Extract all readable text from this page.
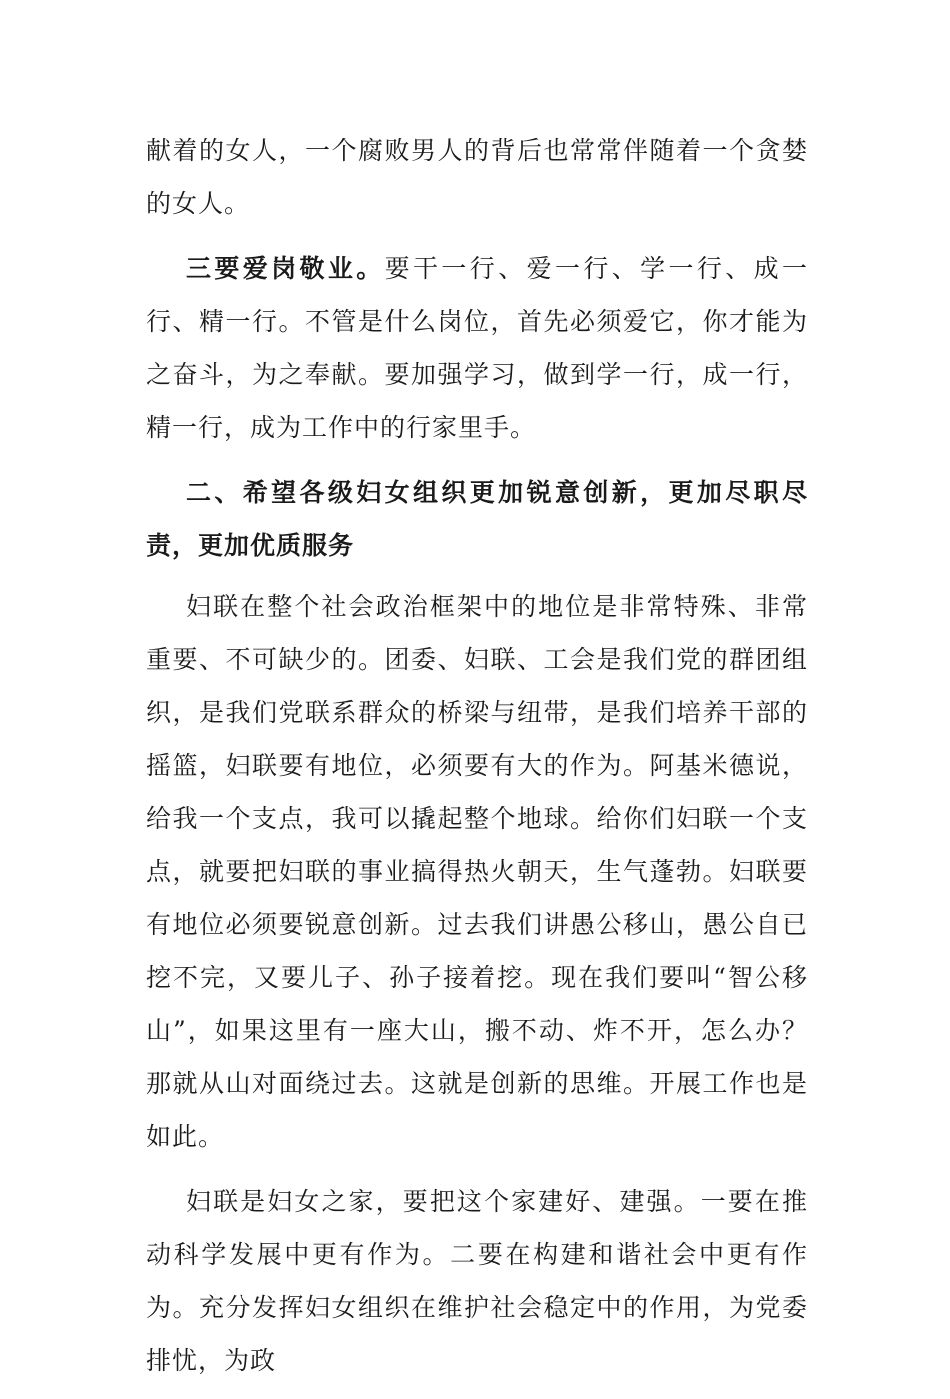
献着的女人，一个腐败男人的背后也常常伴随着一个贪婪的女人。

三要爱岗敬业。要干一行、爱一行、学一行、成一行、精一行。不管是什么岗位，首先必须爱它，你才能为之奋斗，为之奉献。要加强学习，做到学一行，成一行，精一行，成为工作中的行家里手。

二、希望各级妇女组织更加锐意创新，更加尽职尽责，更加优质服务

妇联在整个社会政治框架中的地位是非常特殊、非常重要、不可缺少的。团委、妇联、工会是我们党的群团组织，是我们党联系群众的桥梁与纽带，是我们培养干部的摇篮，妇联要有地位，必须要有大的作为。阿基米德说，给我一个支点，我可以撬起整个地球。给你们妇联一个支点，就要把妇联的事业搞得热火朝天，生气蓬勃。妇联要有地位必须要锐意创新。过去我们讲愚公移山，愚公自已挖不完，又要儿子、孙子接着挖。现在我们要叫“智公移山”，如果这里有一座大山，搬不动、炸不开，怎么办？那就从山对面绕过去。这就是创新的思维。开展工作也是如此。

妇联是妇女之家，要把这个家建好、建强。一要在推动科学发展中更有作为。二要在构建和谐社会中更有作为。充分发挥妇女组织在维护社会稳定中的作用，为党委排忧，为政
